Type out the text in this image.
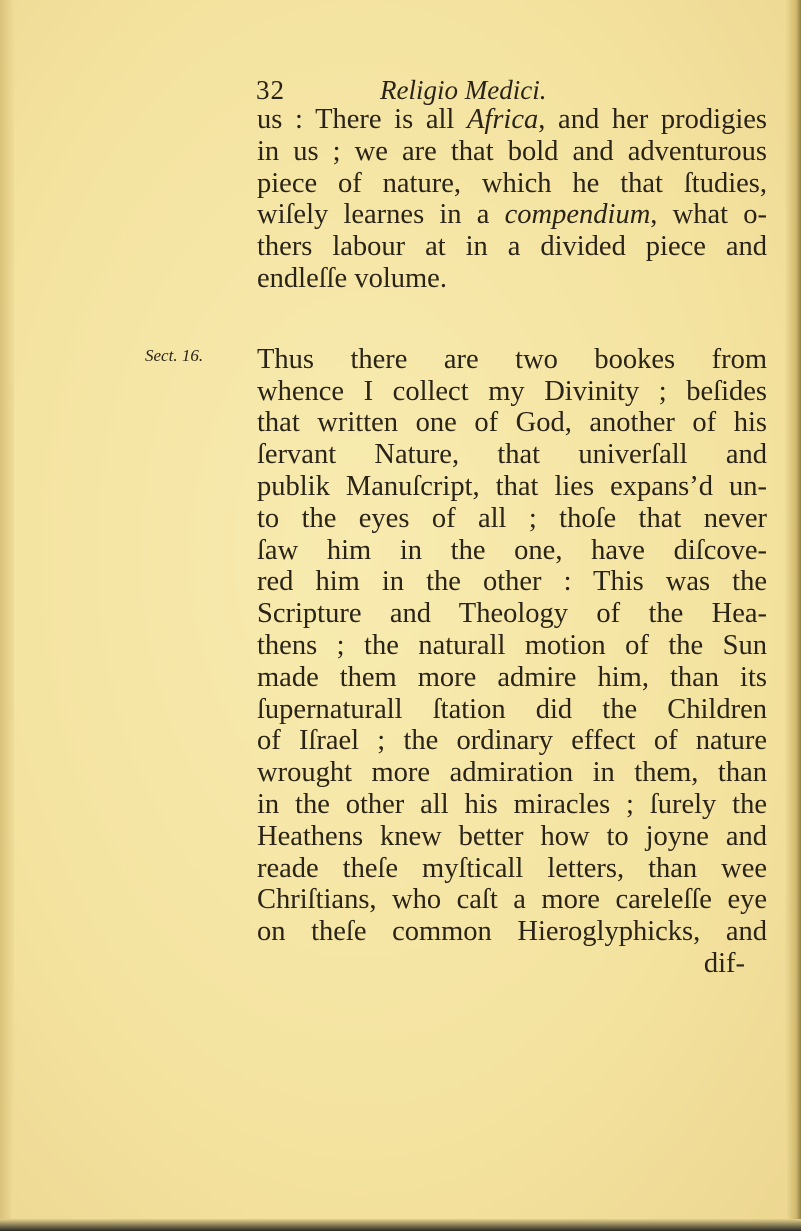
32	Religio Medici.
Sect. 16.
us : There is all Africa, and her prodigies
in us ; we are that bold and adventurous
piece of nature, which he that ſtudies,
wiſely learnes in a compendium, what o-
thers labour at in a divided piece and
endleſſe volume.
Thus there are two bookes from
whence I collect my Divinity ; beſides
that written one of God, another of his
ſervant Nature, that univerſall and
publik Manuſcript, that lies expans’d un-
to the eyes of all ; thoſe that never
ſaw him in the one, have diſcove-
red him in the other : This was the
Scripture and Theology of the Hea-
thens ; the naturall motion of the Sun
made them more admire him, than its
ſupernaturall ſtation did the Children
of Iſrael ; the ordinary effect of nature
wrought more admiration in them, than
in the other all his miracles ; ſurely the
Heathens knew better how to joyne and
reade theſe myſticall letters, than wee
Chriſtians, who caſt a more careleſſe eye
on theſe common Hieroglyphicks, and
dif-
